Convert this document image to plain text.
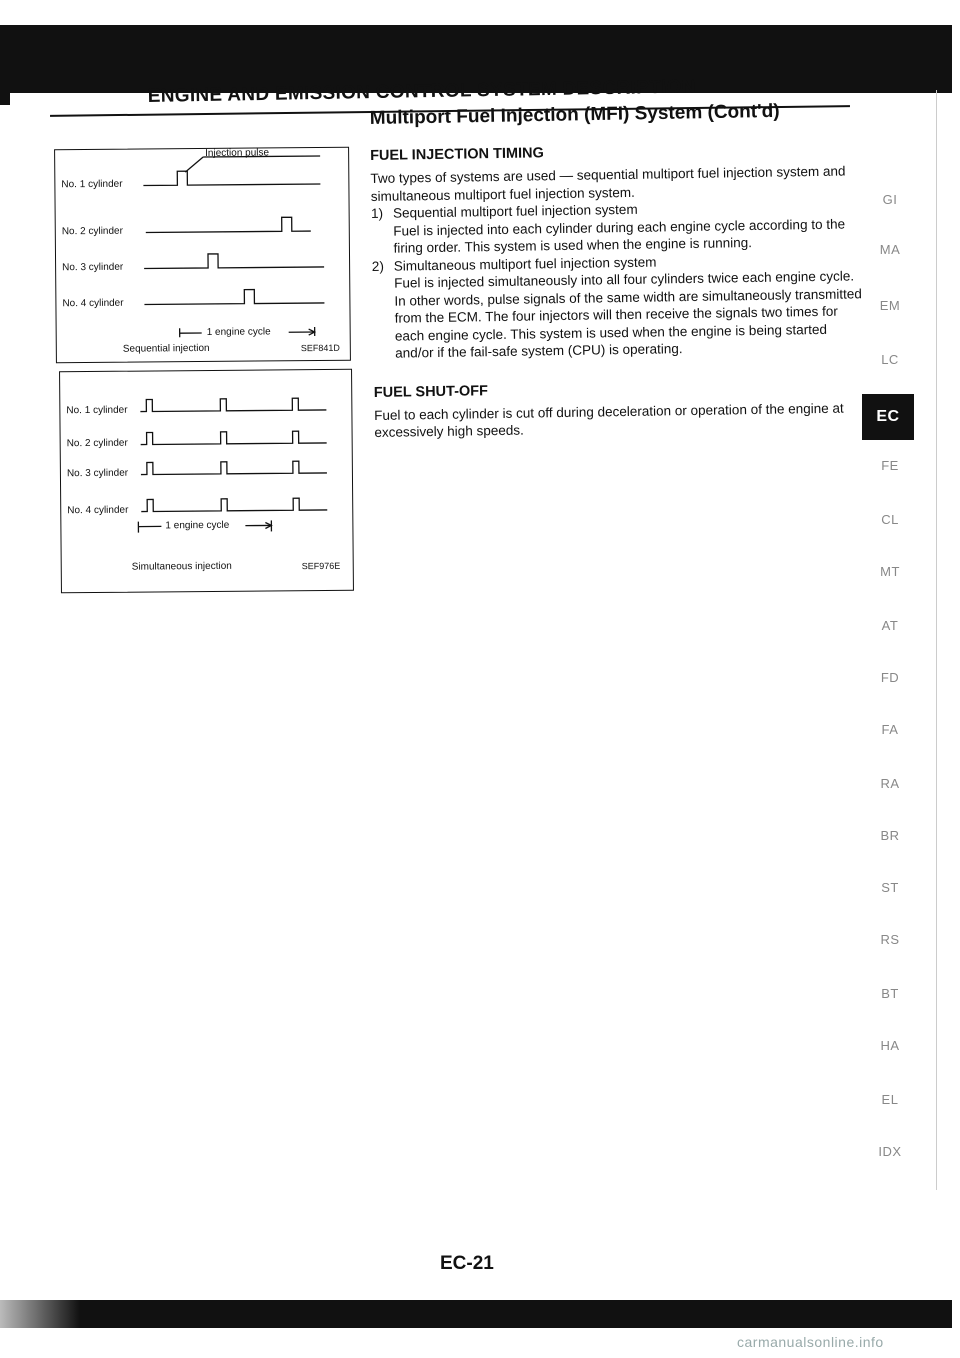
ENGINE AND EMISSION CONTROL SYSTEM DESCRIPTION
Multiport Fuel Injection (MFI) System (Cont'd)
Injection pulse
No. 1 cylinder
No. 2 cylinder
No. 3 cylinder
No. 4 cylinder
1 engine cycle
Sequential injection	SEF841D
No. 1 cylinder
No. 2 cylinder
No. 3 cylinder
No. 4 cylinder
1 engine cycle
Simultaneous injection	SEF976E
FUEL INJECTION TIMING

Two types of systems are used — sequential multiport fuel injection system and simultaneous multiport fuel injection system.

1) Sequential multiport fuel injection system
Fuel is injected into each cylinder during each engine cycle according to the firing order. This system is used when the engine is running.
2) Simultaneous multiport fuel injection system
Fuel is injected simultaneously into all four cylinders twice each engine cycle. In other words, pulse signals of the same width are simultaneously transmitted from the ECM. The four injectors will then receive the signals two times for each engine cycle. This system is used when the engine is being started and/or if the fail-safe system (CPU) is operating.
FUEL SHUT-OFF

Fuel to each cylinder is cut off during deceleration or operation of the engine at excessively high speeds.

GI
MA
EM
LC
EC
FE
CL
MT
AT
FD
FA
RA
BR
ST
RS
BT
HA
EL
IDX
EC-21
carmanualsonline.info
